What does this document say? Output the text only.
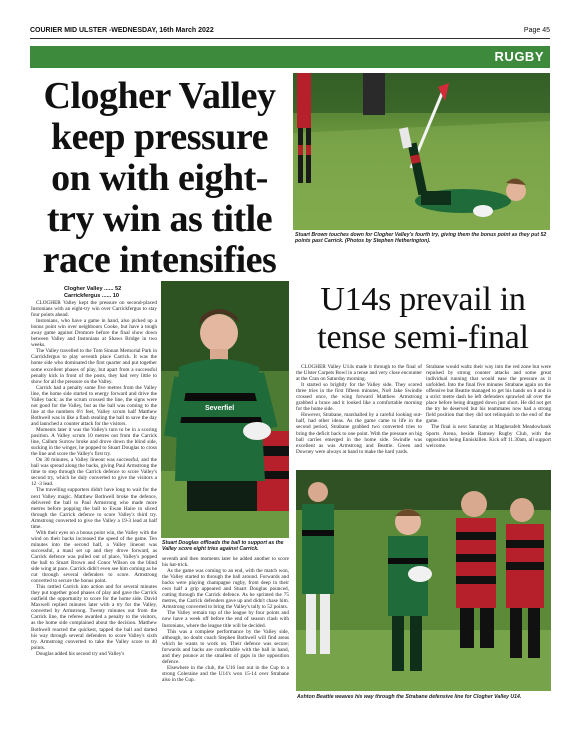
COURIER MID ULSTER -WEDNESDAY, 16th March 2022	Page 45
RUGBY
Clogher Valley keep pressure on with eight-try win as title race intensifies
Stuart Brown touches down for Clogher Valley's fourth try, giving them the bonus point as they put 52 points past Carrick. (Photos by Stephen Hetherington).
Clogher Valley ...... 52
Carrickfergus ...... 10

CLOGHER Valley kept the pressure on second-placed Instonians with an eight-try win over Carrickfergus to stay four points ahead.

Instonians, who have a game in hand, also picked up a bonus point win over neighbours Cooke, but have a tough away game against Dromore before the final show down between Valley and Instonians at Shaws Bridge in two weeks.

The Valley travelled to the Tom Sinnan Memorial Park in Carrickfergus to play seventh place Carrick. It was the home side who dominated the first quarter and put together some excellent phases of play, but apart from a successful penalty kick in front of the posts, they had very little to show for all the pressure on the Valley.

Carrick had a penalty some five metres from the Valley line, the home side started to energy forward and drive the Valley back; as the scrum crossed the line, the signs were not good for the Valley, but as the ball was coming to the line at the numbers 6½ feet, Valley scrum half Matthew Bothwell was in like a flash stealing the ball to save the day and launched a counter attack for the visitors.

Moments later it was the Valley's turn to be in a scoring position. A Valley scrum 10 metres out from the Carrick line, Callum Surrow broke and drove down the blind side, sucking in the winger, he popped to Stuart Douglas to cross the line and score the Valley's first try.

On 30 minutes, a Valley lineout was successful, and the ball was spread along the backs, giving Paul Armstrong the time to step through the Carrick defence to score Valley's second try, which he duly converted to give the visitors a 12 -3 lead.

The travelling supporters didn't have long to wait for the next Valley magic. Matthew Bothwell broke the defence, delivered the ball to Paul Armstrong who made more metres before popping the ball to Ewan Haire to sliced through the Carrick defence to score Valley's third try. Armstrong converted to give the Valley a 19-3 lead at half time.

With their eyes on a bonus point win, the Valley with the wind on their backs increased the speed of the game. Ten minutes into the second half, a Valley lineout was successful, a maul set up and they drove forward, as Carrick defence was pulled out of place, Valley's popped the ball to Stuart Brown and Conor Wilson on the blind side wing at pace. Carrick didn't even see him coming as he cut through several defenders to score. Armstrong converted to secure the bonus point.

This rattled Carrick into action and for several minutes they put together good phases of play and gave the Carrick outfield the opportunity to score for the home side. David Maxwell replied minutes later with a try for the Valley, converted by Armstrong. Twenty minutes out from the Carrick line, the referee awarded a penalty to the visitors, as the home side complained about the decision. Matthew Bothwell reacted the quickest, tapped the ball and darted his way through several defenders to score Valley's sixth try. Armstrong converted to take the Valley score to 40 points.

Douglas added his second try and Valley's

Severfiel
Stuart Douglas offloads the ball to support as the Valley score eight tries against Carrick.

seventh and then moments later he added another to score his hat-trick.

As the game was coming to an end, with the match won, the Valley started to through the ball around. Forwards and backs were playing champagne rugby, from deep in their own half a grip appeared and Stuart Douglas pounced, cutting through the Carrick defence. As he sprinted the 75 metres, the Carrick defenders gave up and didn't chase him. Armstrong converted to bring the Valley's tally to 52 points.

The Valley remain top of the league by four points and now have a week off before the end of season clash with Instonians, where the league title will be decided.

This was a complete performance by the Valley side, although, no doubt coach Stephen Bothwell will find areas which he wants to work on. Their defence was secure; forwards and backs are comfortable with the ball in hand, and they pounce at the smallest of gaps in the opposition defence.

Elsewhere in the club, the U16 lost out in the Cup to a strong Coleraine and the U14's won 15-14 over Strabane also in the Cup.

U14s prevail in tense semi-final

CLOGHER Valley U14s made it through to the final of the Ulster Carpets Bowl in a tense and very close encounter at the Cran on Saturday morning.

It started so brightly for the Valley side. They scored three tries in the first fifteen minutes, No8 Jake Swindle crossed once, the wing forward Matthew Armstrong grabbed a brace and it looked like a comfortable morning for the home side.

However, Strabane, marshalled by a careful looking out-half, had other ideas. As the game came to life in the second period, Strabane grabbed two converted tries to bring the deficit back to one point. With the pressure on big ball carries emerged in the home side. Swindle was excellent as was Armstrong and Beattie. Green and Downey were always at hand to make the hard yards.

Strabane would waltz their way into the red zone but were repulsed by strong counter attacks and some great individual running that would ease the pressure as it unfolded. Into the final five minutes Strabane again on the offensive but Beattie managed to get his hands on it and in a strict metre dash he left defenders sprawled all over the place before being dragged down just short. He did not get the try he deserved but his teammates now had a strong field position that they did not relinquish to the end of the game.

The final is next Saturday at Magherafelt Meadowbank Sports Arena, beside Ramsey Rugby Club, with the opposition being Enniskillen. Kick off 11.30am, all support welcome.

Ashton Beattie weaves his way through the Strabane defensive line for Clogher Valley U14.
